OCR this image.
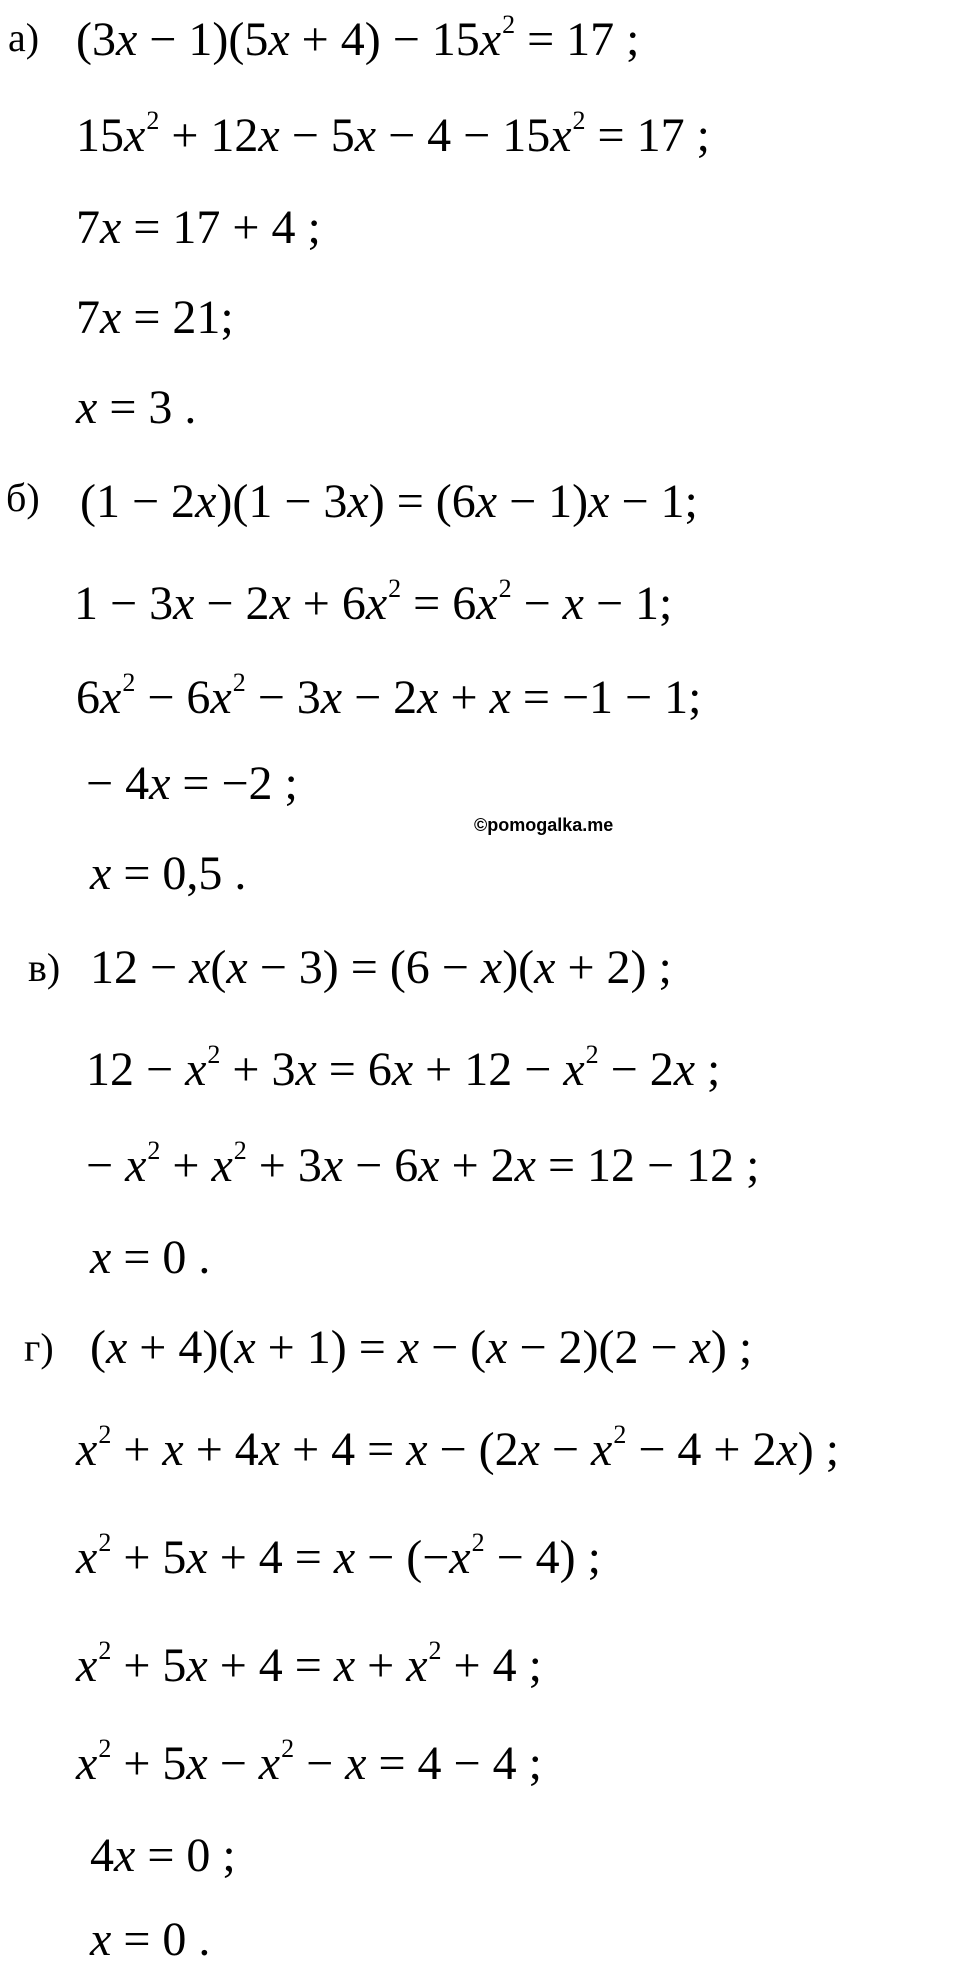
а) $(3x - 1)(5x + 4) - 15x^2 = 17$ ;
$15x^2 + 12x - 5x - 4 - 15x^2 = 17$ ;
7x = 17 + 4 ;
7x = 21;
x = 3 .
б) (1 − 2x)(1 − 3x) = (6x − 1)x − 1;
$1 - 3x - 2x + 6x^2 = 6x^2 - x - 1$;
$6x^2 - 6x^2 - 3x - 2x + x = -1 - 1$;
− 4x = −2 ;
x = 0,5 .
©pomogalka.me
в) 12 − x(x − 3) = (6 − x)(x + 2) ;
$12 - x^2 + 3x = 6x + 12 - x^2 - 2x$ ;
− $x^2 + x^2 + 3x - 6x + 2x = 12 - 12$ ;
x = 0 .
г) (x + 4)(x + 1) = x − (x − 2)(2 − x) ;
$x^2 + x + 4x + 4 = x - (2x - x^2 - 4 + 2x)$ ;
$x^2 + 5x + 4 = x - (-x^2 - 4)$ ;
$x^2 + 5x + 4 = x + x^2 + 4$ ;
$x^2 + 5x - x^2 - x = 4 - 4$ ;
4x = 0 ;
x = 0 .
